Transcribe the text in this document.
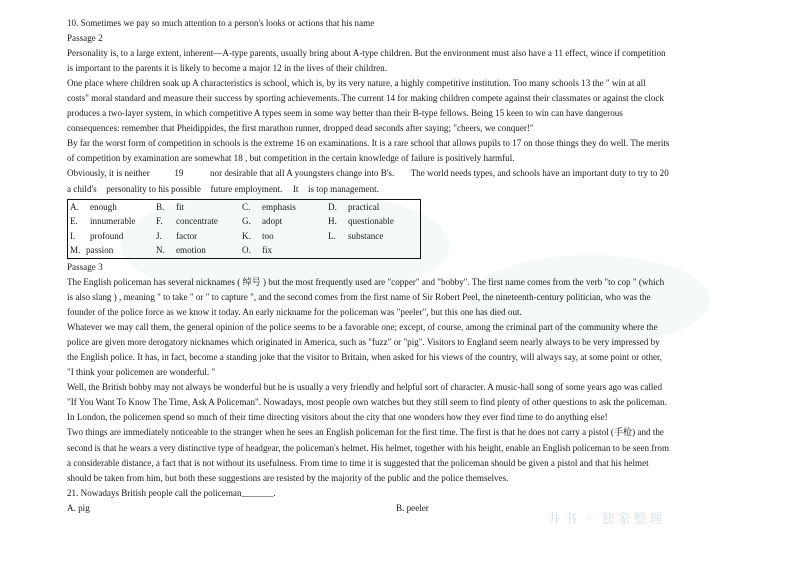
10. Sometimes we pay so much attention to a person's looks or actions that his name
Passage 2
Personality is, to a large extent, inherent—A-type parents, usually bring about A-type children. But the environment must also have a 11 effect, wince if competition
is important to the parents it is likely to become a major 12 in the lives of their children.
One place where children soak up A characteristics is school, which is, by its very nature, a highly competitive institution. Too many schools 13 the " win at all
costs" moral standard and measure their success by sporting achievements. The current 14 for making children compete against their classmates or against the clock
produces a two-layer system, in which competitive A types seem in some way better than their B-type fellows. Being 15 keen to win can have dangerous
consequences: remember that Pheidippides, the first marathon runner, dropped dead seconds after saying; "cheers, we conquer!"
By far the worst form of competition in schools is the extreme 16 on examinations. It is a rare school that allows pupils to 17 on those things they do well. The merits
of competition by examination are somewhat 18 , but competition in the certain knowledge of failure is positively harmful.
Obviously, it is neither	19	nor desirable that all A youngsters change into B's. The world needs types, and schools have an important duty to try to 20
a child's personality to his possible future employment. It is top management.
A.	enough	B.	fit	C.	emphasis	D.	practical
E.	innumerable	F.	concentrate	G.	adopt	H.	questionable
I.	profound	J.	factor	K.	too	L.	substance
M.	passion	N.	emotion	O.	fix		
Passage 3
The English policeman has several nicknames ( 绰号 ) but the most frequently used are "copper" and "bobby". The first name comes from the verb "to cop " (which
is also slang ) , meaning " to take " or " to capture ", and the second comes from the first name of Sir Robert Peel, the nineteenth-century politician, who was the
founder of the police force as we know it today. An early nickname for the policeman was "peeler", but this one has died out.
Whatever we may call them, the general opinion of the police seems to be a favorable one; except, of course, among the criminal part of the community where the
police are given more derogatory nicknames which originated in America, such as "fuzz" or "pig". Visitors to England seem nearly always to be very impressed by
the English police. It has, in fact, become a standing joke that the visitor to Britain, when asked for his views of the country, will always say, at some point or other,
"I think your policemen are wonderful. "
Well, the British bobby may not always be wonderful but he is usually a very friendly and helpful sort of character. A music-hall song of some years ago was called
"If You Want To Know The Time, Ask A Policeman". Nowadays, most people own watches but they still seem to find plenty of other questions to ask the policeman.
In London, the policemen spend so much of their time directing visitors about the city that one wonders how they ever find time to do anything else!
Two things are immediately noticeable to the stranger when he sees an English policeman for the first time. The first is that he does not carry a pistol (手枪) and the
second is that he wears a very distinctive type of headgear, the policeman's helmet. His helmet, together with his height, enable an English policeman to be seen from
a considerable distance, a fact that is not without its usefulness. From time to time it is suggested that the policeman should be given a pistol and that his helmet
should be taken from him, but both these suggestions are resisted by the majority of the public and the police themselves.
21. Nowadays British people call the policeman_______.
A. pig	B. peeler
井书 · 独家整理
